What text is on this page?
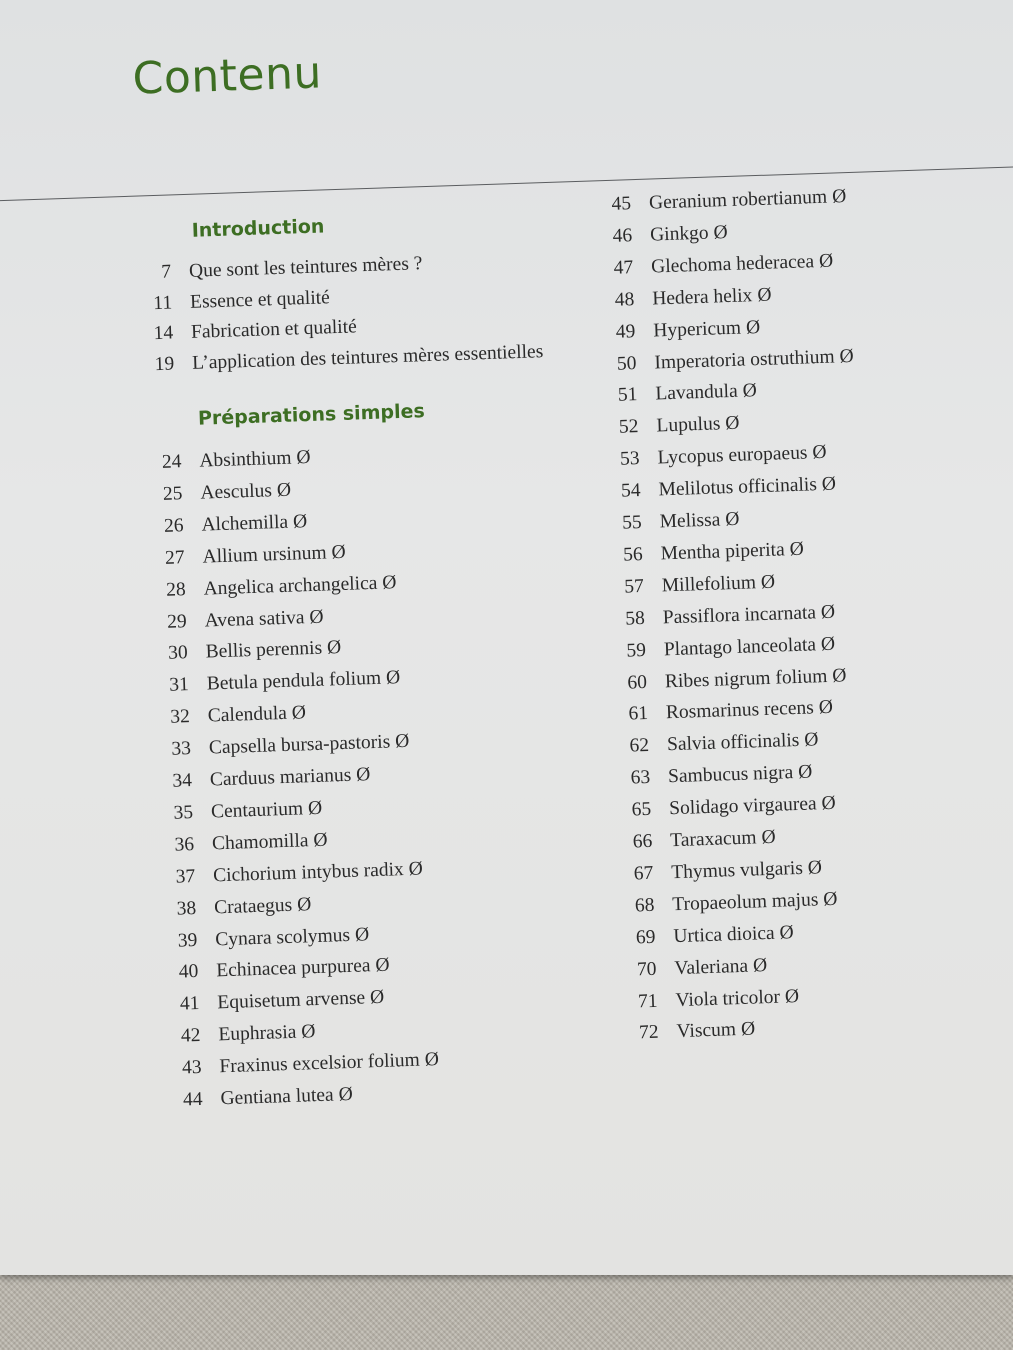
Contenu
Introduction
Préparations simples
7 Que sont les teintures mères ?
11 Essence et qualité
14 Fabrication et qualité
19 L’application des teintures mères essentielles
24 Absinthium Ø
25 Aesculus Ø
26 Alchemilla Ø
27 Allium ursinum Ø
28 Angelica archangelica Ø
29 Avena sativa Ø
30 Bellis perennis Ø
31 Betula pendula folium Ø
32 Calendula Ø
33 Capsella bursa-pastoris Ø
34 Carduus marianus Ø
35 Centaurium Ø
36 Chamomilla Ø
37 Cichorium intybus radix Ø
38 Crataegus Ø
39 Cynara scolymus Ø
40 Echinacea purpurea Ø
41 Equisetum arvense Ø
42 Euphrasia Ø
43 Fraxinus excelsior folium Ø
44 Gentiana lutea Ø
45 Geranium robertianum Ø
46 Ginkgo Ø
47 Glechoma hederacea Ø
48 Hedera helix Ø
49 Hypericum Ø
50 Imperatoria ostruthium Ø
51 Lavandula Ø
52 Lupulus Ø
53 Lycopus europaeus Ø
54 Melilotus officinalis Ø
55 Melissa Ø
56 Mentha piperita Ø
57 Millefolium Ø
58 Passiflora incarnata Ø
59 Plantago lanceolata Ø
60 Ribes nigrum folium Ø
61 Rosmarinus recens Ø
62 Salvia officinalis Ø
63 Sambucus nigra Ø
65 Solidago virgaurea Ø
66 Taraxacum Ø
67 Thymus vulgaris Ø
68 Tropaeolum majus Ø
69 Urtica dioica Ø
70 Valeriana Ø
71 Viola tricolor Ø
72 Viscum Ø
